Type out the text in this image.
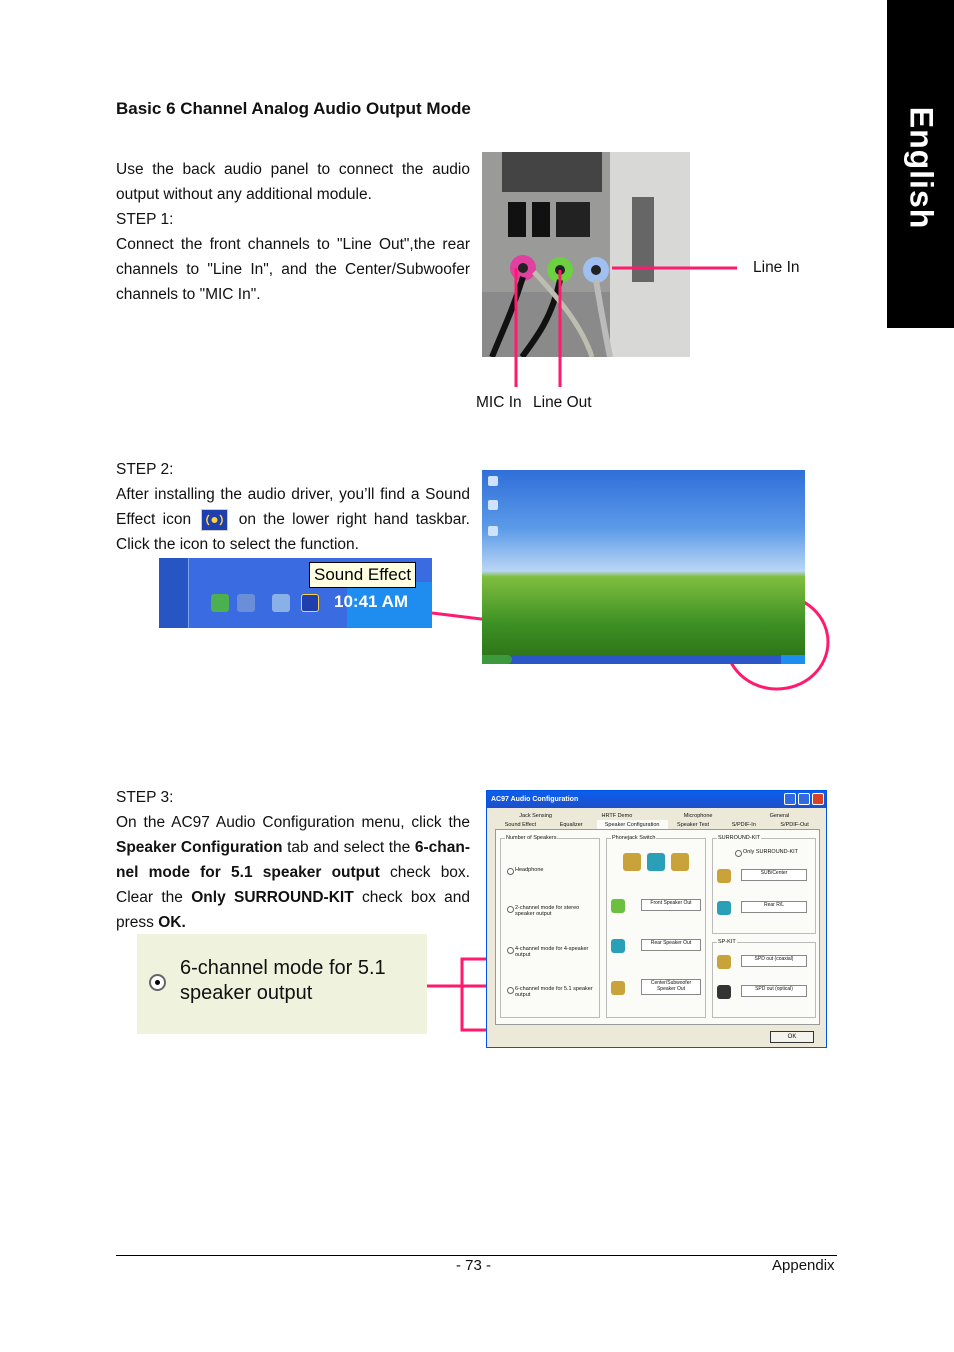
English
Basic 6 Channel Analog Audio Output Mode

Use the back audio panel to connect the audio output without any additional module.

STEP 1:

Connect the front channels to "Line Out",the rear channels to "Line In", and the Center/Subwoofer channels to "MIC In".

Line In
MIC In Line Out

STEP 2:

After installing the audio driver, you’ll find a Sound Effect icon	on the lower right hand taskbar. Click the icon to select the function.

Sound Effect
10:41 AM

STEP 3:

On the AC97 Audio Configuration menu, click the Speaker Configuration tab and select the 6-chan- nel mode for 5.1 speaker output check box. Clear the Only SURROUND-KIT check box and press OK.

AC97 Audio Configuration
Jack Sensing	HRTF Demo	Microphone	General
Sound Effect	Equalizer	Speaker Configuration	Speaker Test	S/PDIF-In	S/PDIF-Out
Number of Speakers
Headphone
2-channel mode for stereo speaker output
4-channel mode for 4-speaker output
6-channel mode for 5.1 speaker output
Phonejack Switch
Front Speaker Out
Rear Speaker Out
Center/Subwoofer Speaker Out
SURROUND-KIT
Only SURROUND-KIT
SUB/Center
Rear R/L
SP-KIT
SPD out (coaxial)
SPD out (optical)
OK
6-channel mode for 5.1 speaker output
- 73 -	Appendix
